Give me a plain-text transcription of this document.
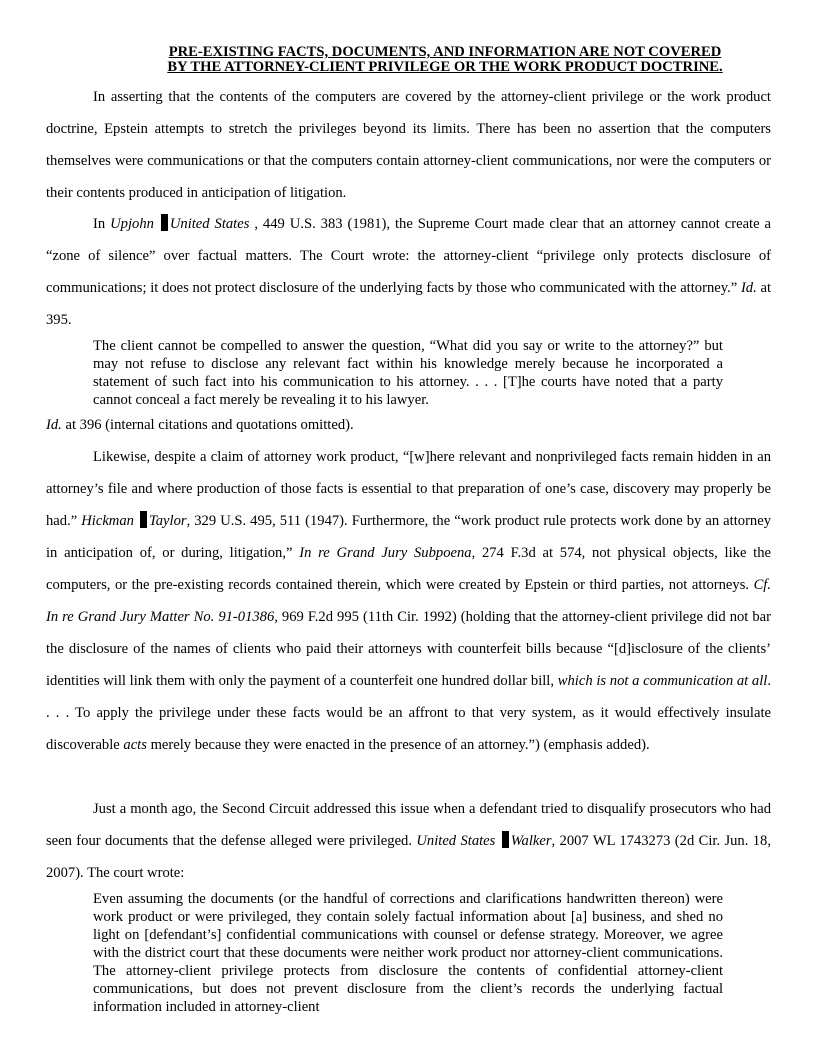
PRE-EXISTING FACTS, DOCUMENTS, AND INFORMATION ARE NOT COVERED
BY THE ATTORNEY-CLIENT PRIVILEGE OR THE WORK PRODUCT DOCTRINE.

In asserting that the contents of the computers are covered by the attorney-client privilege or the work product doctrine, Epstein attempts to stretch the privileges beyond its limits. There has been no assertion that the computers themselves were communications or that the computers contain attorney-client communications, nor were the computers or their contents produced in anticipation of litigation.

In Upjohn United States , 449 U.S. 383 (1981), the Supreme Court made clear that an attorney cannot create a “zone of silence” over factual matters. The Court wrote: the attorney-client “privilege only protects disclosure of communications; it does not protect disclosure of the underlying facts by those who communicated with the attorney.” Id. at 395.

The client cannot be compelled to answer the question, “What did you say or write to the attorney?” but may not refuse to disclose any relevant fact within his knowledge merely because he incorporated a statement of such fact into his communication to his attorney. . . . [T]he courts have noted that a party cannot conceal a fact merely be revealing it to his lawyer.

Id. at 396 (internal citations and quotations omitted).

Likewise, despite a claim of attorney work product, “[w]here relevant and nonprivileged facts remain hidden in an attorney’s file and where production of those facts is essential to that preparation of one’s case, discovery may properly be had.” Hickman Taylor, 329 U.S. 495, 511 (1947). Furthermore, the “work product rule protects work done by an attorney in anticipation of, or during, litigation,” In re Grand Jury Subpoena, 274 F.3d at 574, not physical objects, like the computers, or the pre-existing records contained therein, which were created by Epstein or third parties, not attorneys. Cf. In re Grand Jury Matter No. 91-01386, 969 F.2d 995 (11th Cir. 1992) (holding that the attorney-client privilege did not bar the disclosure of the names of clients who paid their attorneys with counterfeit bills because “[d]isclosure of the clients’ identities will link them with only the payment of a counterfeit one hundred dollar bill, which is not a communication at all. . . . To apply the privilege under these facts would be an affront to that very system, as it would effectively insulate discoverable acts merely because they were enacted in the presence of an attorney.”) (emphasis added).

Just a month ago, the Second Circuit addressed this issue when a defendant tried to disqualify prosecutors who had seen four documents that the defense alleged were privileged. United States Walker, 2007 WL 1743273 (2d Cir. Jun. 18, 2007). The court wrote:

Even assuming the documents (or the handful of corrections and clarifications handwritten thereon) were work product or were privileged, they contain solely factual information about [a] business, and shed no light on [defendant’s] confidential communications with counsel or defense strategy. Moreover, we agree with the district court that these documents were neither work product nor attorney-client communications. The attorney-client privilege protects from disclosure the contents of confidential attorney-client communications, but does not prevent disclosure from the client’s records the underlying factual information included in attorney-client
